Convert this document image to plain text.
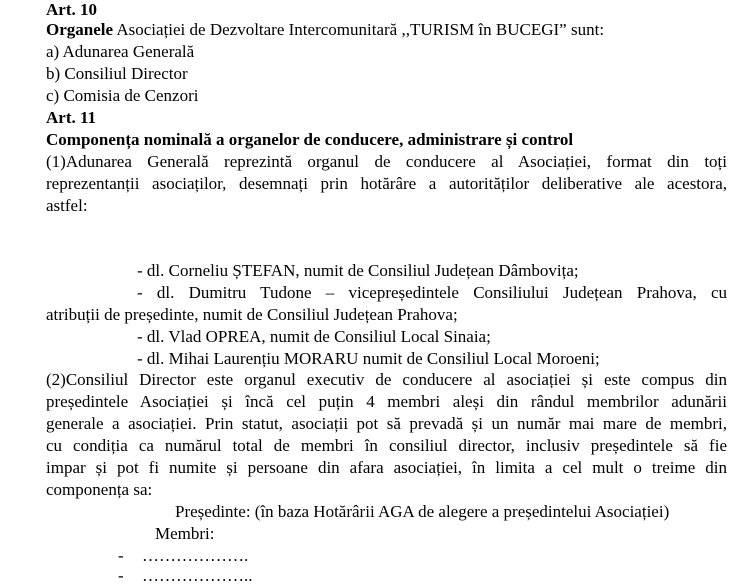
Art. 10
Organele Asociației de Dezvoltare Intercomunitară ,,TURISM în BUCEGI” sunt:
a) Adunarea Generală
b) Consiliul Director
c) Comisia de Cenzori
Art. 11
Componența nominală a organelor de conducere, administrare și control
(1)Adunarea Generală reprezintă organul de conducere al Asociației, format din toți
reprezentanții asociaților, desemnați prin hotărâre a autorităților deliberative ale acestora,
astfel:
- dl. Corneliu ȘTEFAN, numit de Consiliul Județean Dâmbovița;
- dl. Dumitru Tudone – vicepreședintele Consiliului Județean Prahova, cu
atribuții de președinte, numit de Consiliul Județean Prahova;
- dl. Vlad OPREA, numit de Consiliul Local Sinaia;
- dl. Mihai Laurențiu MORARU numit de Consiliul Local Moroeni;
(2)Consiliul Director este organul executiv de conducere al asociației și este compus din
președintele Asociației și încă cel puțin 4 membri aleși din rândul membrilor adunării
generale a asociației. Prin statut, asociații pot să prevadă și un număr mai mare de membri,
cu condiția ca numărul total de membri în consiliul director, inclusiv președintele să fie
impar și pot fi numite și persoane din afara asociației, în limita a cel mult o treime din
componența sa:
Președinte: (în baza Hotărârii AGA de alegere a președintelui Asociației)
Membri:
- ……………….
- ………………..
